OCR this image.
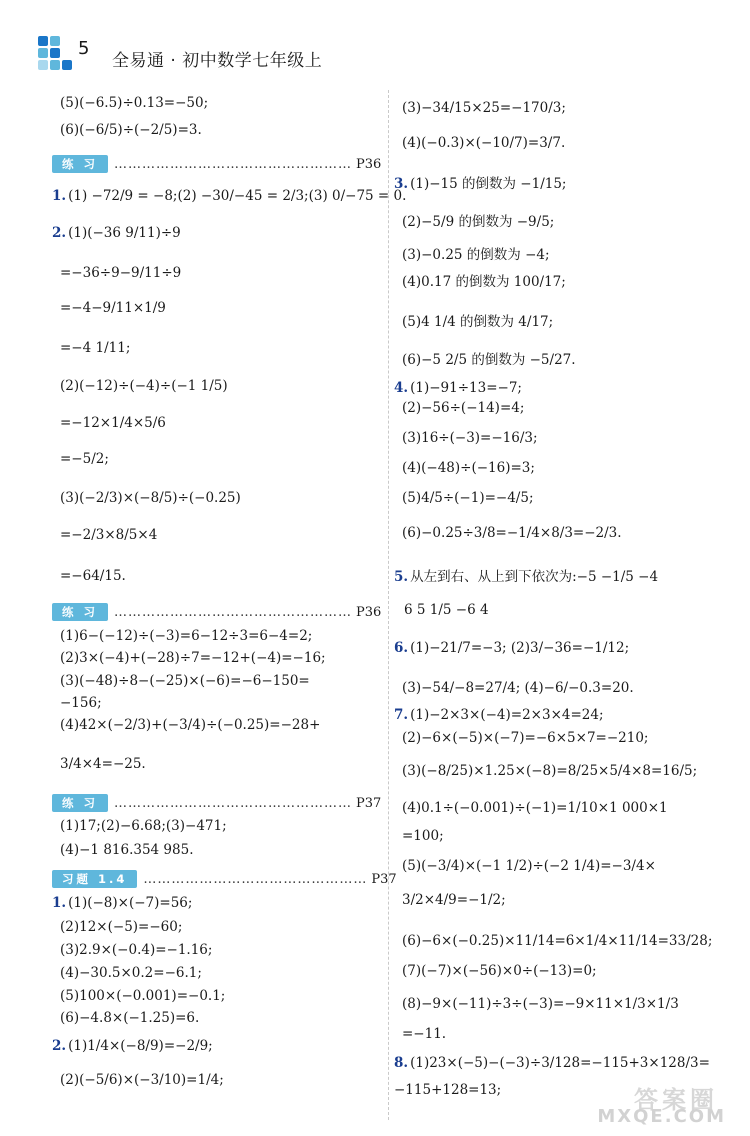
5
全易通 · 初中数学七年级上
(5)(−6.5)÷0.13=−50;
(6)(−6/5)÷(−2/5)=3.
练 习 …………………………………………… P36
1. (1) −72/9 = −8;(2) −30/−45 = 2/3;(3) 0/−75 = 0.
2. (1)(−36 9/11)÷9
=−36÷9−9/11÷9
=−4−9/11×1/9
=−4 1/11;
(2)(−12)÷(−4)÷(−1 1/5)
=−12×1/4×5/6
=−5/2;
(3)(−2/3)×(−8/5)÷(−0.25)
=−2/3×8/5×4
=−64/15.
练 习 …………………………………………… P36
(1)6−(−12)÷(−3)=6−12÷3=6−4=2;
(2)3×(−4)+(−28)÷7=−12+(−4)=−16;
(3)(−48)÷8−(−25)×(−6)=−6−150=
−156;
(4)42×(−2/3)+(−3/4)÷(−0.25)=−28+
3/4×4=−25.
练 习 …………………………………………… P37
(1)17;(2)−6.68;(3)−471;
(4)−1 816.354 985.
习题 1.4 ………………………………………… P37
1. (1)(−8)×(−7)=56;
(2)12×(−5)=−60;
(3)2.9×(−0.4)=−1.16;
(4)−30.5×0.2=−6.1;
(5)100×(−0.001)=−0.1;
(6)−4.8×(−1.25)=6.
2. (1)1/4×(−8/9)=−2/9;
(2)(−5/6)×(−3/10)=1/4;
(3)−34/15×25=−170/3;
(4)(−0.3)×(−10/7)=3/7.
3. (1)−15 的倒数为 −1/15;
(2)−5/9 的倒数为 −9/5;
(3)−0.25 的倒数为 −4;
(4)0.17 的倒数为 100/17;
(5)4 1/4 的倒数为 4/17;
(6)−5 2/5 的倒数为 −5/27.
4. (1)−91÷13=−7;
(2)−56÷(−14)=4;
(3)16÷(−3)=−16/3;
(4)(−48)÷(−16)=3;
(5)4/5÷(−1)=−4/5;
(6)−0.25÷3/8=−1/4×8/3=−2/3.
5. 从左到右、从上到下依次为:−5 −1/5 −4
6 5 1/5 −6 4
6. (1)−21/7=−3; (2)3/−36=−1/12;
(3)−54/−8=27/4; (4)−6/−0.3=20.
7. (1)−2×3×(−4)=2×3×4=24;
(2)−6×(−5)×(−7)=−6×5×7=−210;
(3)(−8/25)×1.25×(−8)=8/25×5/4×8=16/5;
(4)0.1÷(−0.001)÷(−1)=1/10×1 000×1
=100;
(5)(−3/4)×(−1 1/2)÷(−2 1/4)=−3/4×
3/2×4/9=−1/2;
(6)−6×(−0.25)×11/14=6×1/4×11/14=33/28;
(7)(−7)×(−56)×0÷(−13)=0;
(8)−9×(−11)÷3÷(−3)=−9×11×1/3×1/3
=−11.
8. (1)23×(−5)−(−3)÷3/128=−115+3×128/3=
−115+128=13;	答案圈
MXQE.COM
